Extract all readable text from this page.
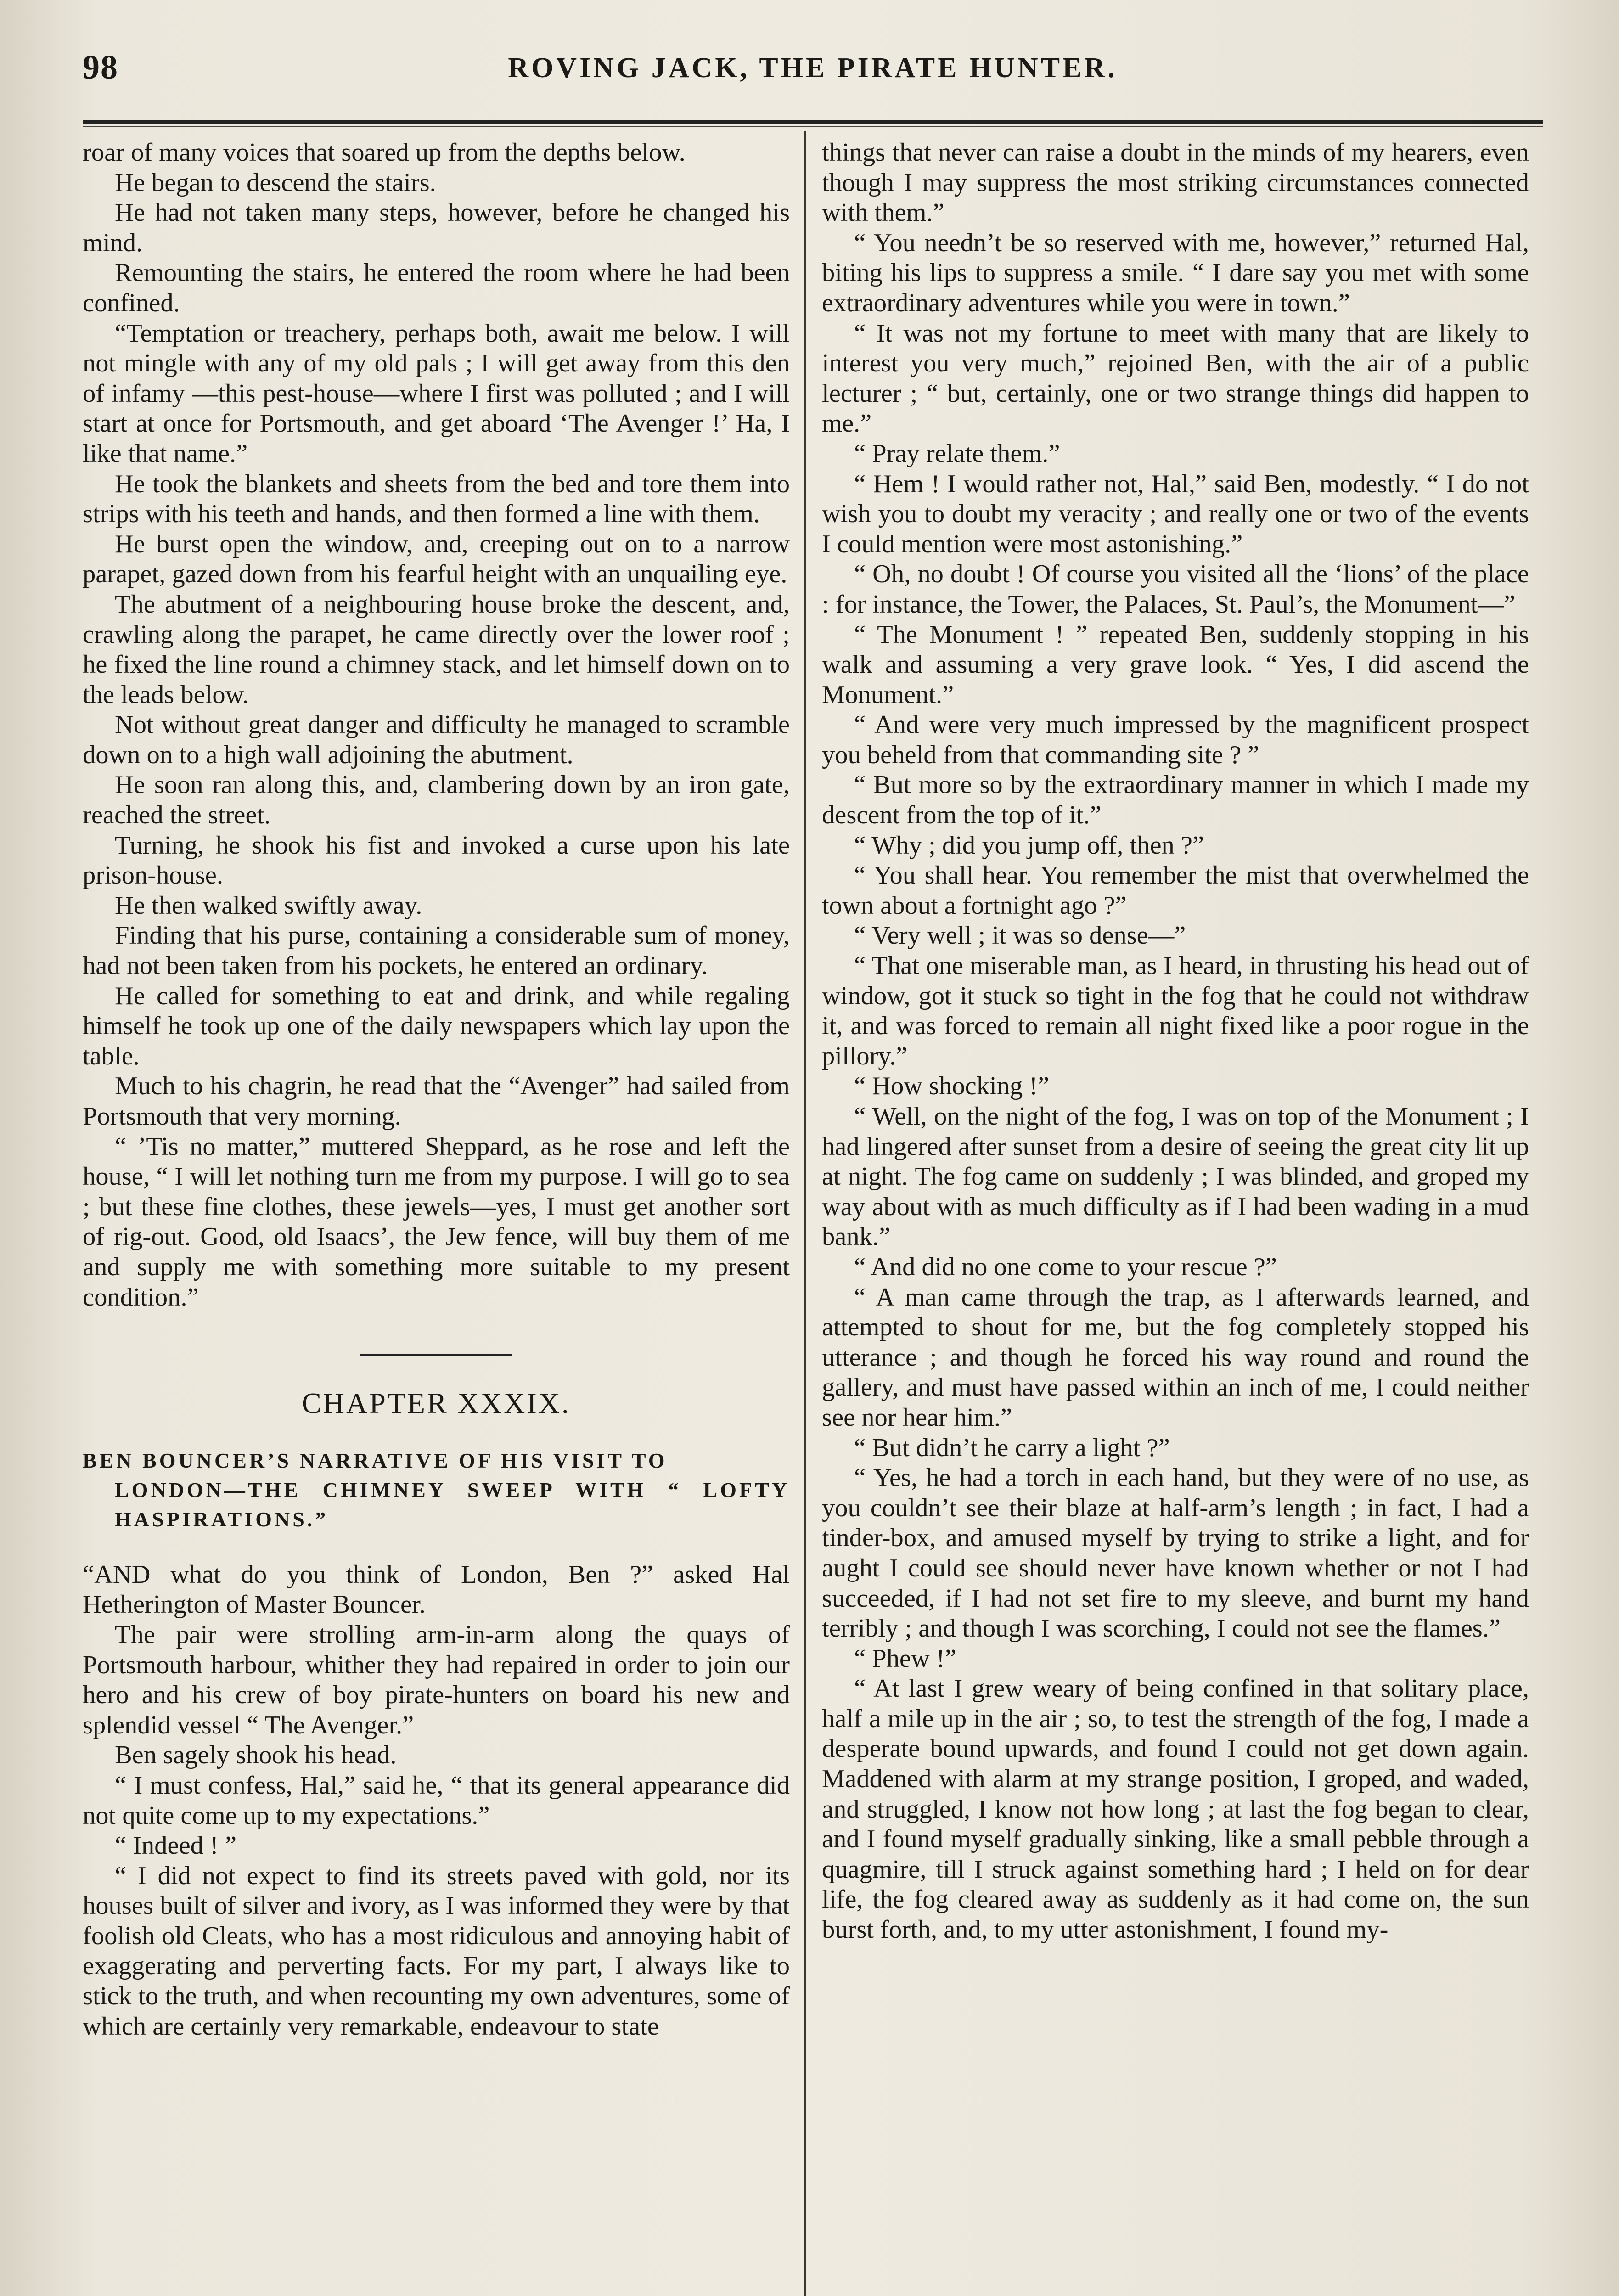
98	ROVING JACK, THE PIRATE HUNTER.

roar of many voices that soared up from the depths below.

He began to descend the stairs.

He had not taken many steps, however, before he changed his mind.

Remounting the stairs, he entered the room where he had been confined.

“Temptation or treachery, perhaps both, await me below. I will not mingle with any of my old pals ; I will get away from this den of infamy —this pest-house—where I first was polluted ; and I will start at once for Portsmouth, and get aboard ‘The Avenger !’ Ha, I like that name.”

He took the blankets and sheets from the bed and tore them into strips with his teeth and hands, and then formed a line with them.

He burst open the window, and, creeping out on to a narrow parapet, gazed down from his fearful height with an unquailing eye.

The abutment of a neighbouring house broke the descent, and, crawling along the parapet, he came directly over the lower roof ; he fixed the line round a chimney stack, and let himself down on to the leads below.

Not without great danger and difficulty he managed to scramble down on to a high wall adjoining the abutment.

He soon ran along this, and, clambering down by an iron gate, reached the street.

Turning, he shook his fist and invoked a curse upon his late prison-house.

He then walked swiftly away.

Finding that his purse, containing a considerable sum of money, had not been taken from his pockets, he entered an ordinary.

He called for something to eat and drink, and while regaling himself he took up one of the daily newspapers which lay upon the table.

Much to his chagrin, he read that the “Avenger” had sailed from Portsmouth that very morning.

“ ’Tis no matter,” muttered Sheppard, as he rose and left the house, “ I will let nothing turn me from my purpose. I will go to sea ; but these fine clothes, these jewels—yes, I must get another sort of rig-out. Good, old Isaacs’, the Jew fence, will buy them of me and supply me with something more suitable to my present condition.”

CHAPTER XXXIX.
BEN BOUNCER’S NARRATIVE OF HIS VISIT TO
LONDON—THE CHIMNEY SWEEP WITH “ LOFTY HASPIRATIONS.”

“AND what do you think of London, Ben ?” asked Hal Hetherington of Master Bouncer.

The pair were strolling arm-in-arm along the quays of Portsmouth harbour, whither they had repaired in order to join our hero and his crew of boy pirate-hunters on board his new and splendid vessel “ The Avenger.”

Ben sagely shook his head.

“ I must confess, Hal,” said he, “ that its general appearance did not quite come up to my expectations.”

“ Indeed ! ”

“ I did not expect to find its streets paved with gold, nor its houses built of silver and ivory, as I was informed they were by that foolish old Cleats, who has a most ridiculous and annoying habit of exaggerating and perverting facts. For my part, I always like to stick to the truth, and when recounting my own adventures, some of which are certainly very remarkable, endeavour to state

things that never can raise a doubt in the minds of my hearers, even though I may suppress the most striking circumstances connected with them.”

“ You needn’t be so reserved with me, however,” returned Hal, biting his lips to suppress a smile. “ I dare say you met with some extraordinary adventures while you were in town.”

“ It was not my fortune to meet with many that are likely to interest you very much,” rejoined Ben, with the air of a public lecturer ; “ but, certainly, one or two strange things did happen to me.”

“ Pray relate them.”

“ Hem ! I would rather not, Hal,” said Ben, modestly. “ I do not wish you to doubt my veracity ; and really one or two of the events I could mention were most astonishing.”

“ Oh, no doubt ! Of course you visited all the ‘lions’ of the place : for instance, the Tower, the Palaces, St. Paul’s, the Monument—”

“ The Monument ! ” repeated Ben, suddenly stopping in his walk and assuming a very grave look. “ Yes, I did ascend the Monument.”

“ And were very much impressed by the magnificent prospect you beheld from that commanding site ? ”

“ But more so by the extraordinary manner in which I made my descent from the top of it.”

“ Why ; did you jump off, then ?”

“ You shall hear. You remember the mist that overwhelmed the town about a fortnight ago ?”

“ Very well ; it was so dense—”

“ That one miserable man, as I heard, in thrusting his head out of window, got it stuck so tight in the fog that he could not withdraw it, and was forced to remain all night fixed like a poor rogue in the pillory.”

“ How shocking !”

“ Well, on the night of the fog, I was on top of the Monument ; I had lingered after sunset from a desire of seeing the great city lit up at night. The fog came on suddenly ; I was blinded, and groped my way about with as much difficulty as if I had been wading in a mud bank.”

“ And did no one come to your rescue ?”

“ A man came through the trap, as I afterwards learned, and attempted to shout for me, but the fog completely stopped his utterance ; and though he forced his way round and round the gallery, and must have passed within an inch of me, I could neither see nor hear him.”

“ But didn’t he carry a light ?”

“ Yes, he had a torch in each hand, but they were of no use, as you couldn’t see their blaze at half-arm’s length ; in fact, I had a tinder-box, and amused myself by trying to strike a light, and for aught I could see should never have known whether or not I had succeeded, if I had not set fire to my sleeve, and burnt my hand terribly ; and though I was scorching, I could not see the flames.”

“ Phew !”

“ At last I grew weary of being confined in that solitary place, half a mile up in the air ; so, to test the strength of the fog, I made a desperate bound upwards, and found I could not get down again. Maddened with alarm at my strange position, I groped, and waded, and struggled, I know not how long ; at last the fog began to clear, and I found myself gradually sinking, like a small pebble through a quagmire, till I struck against something hard ; I held on for dear life, the fog cleared away as suddenly as it had come on, the sun burst forth, and, to my utter astonishment, I found my-
